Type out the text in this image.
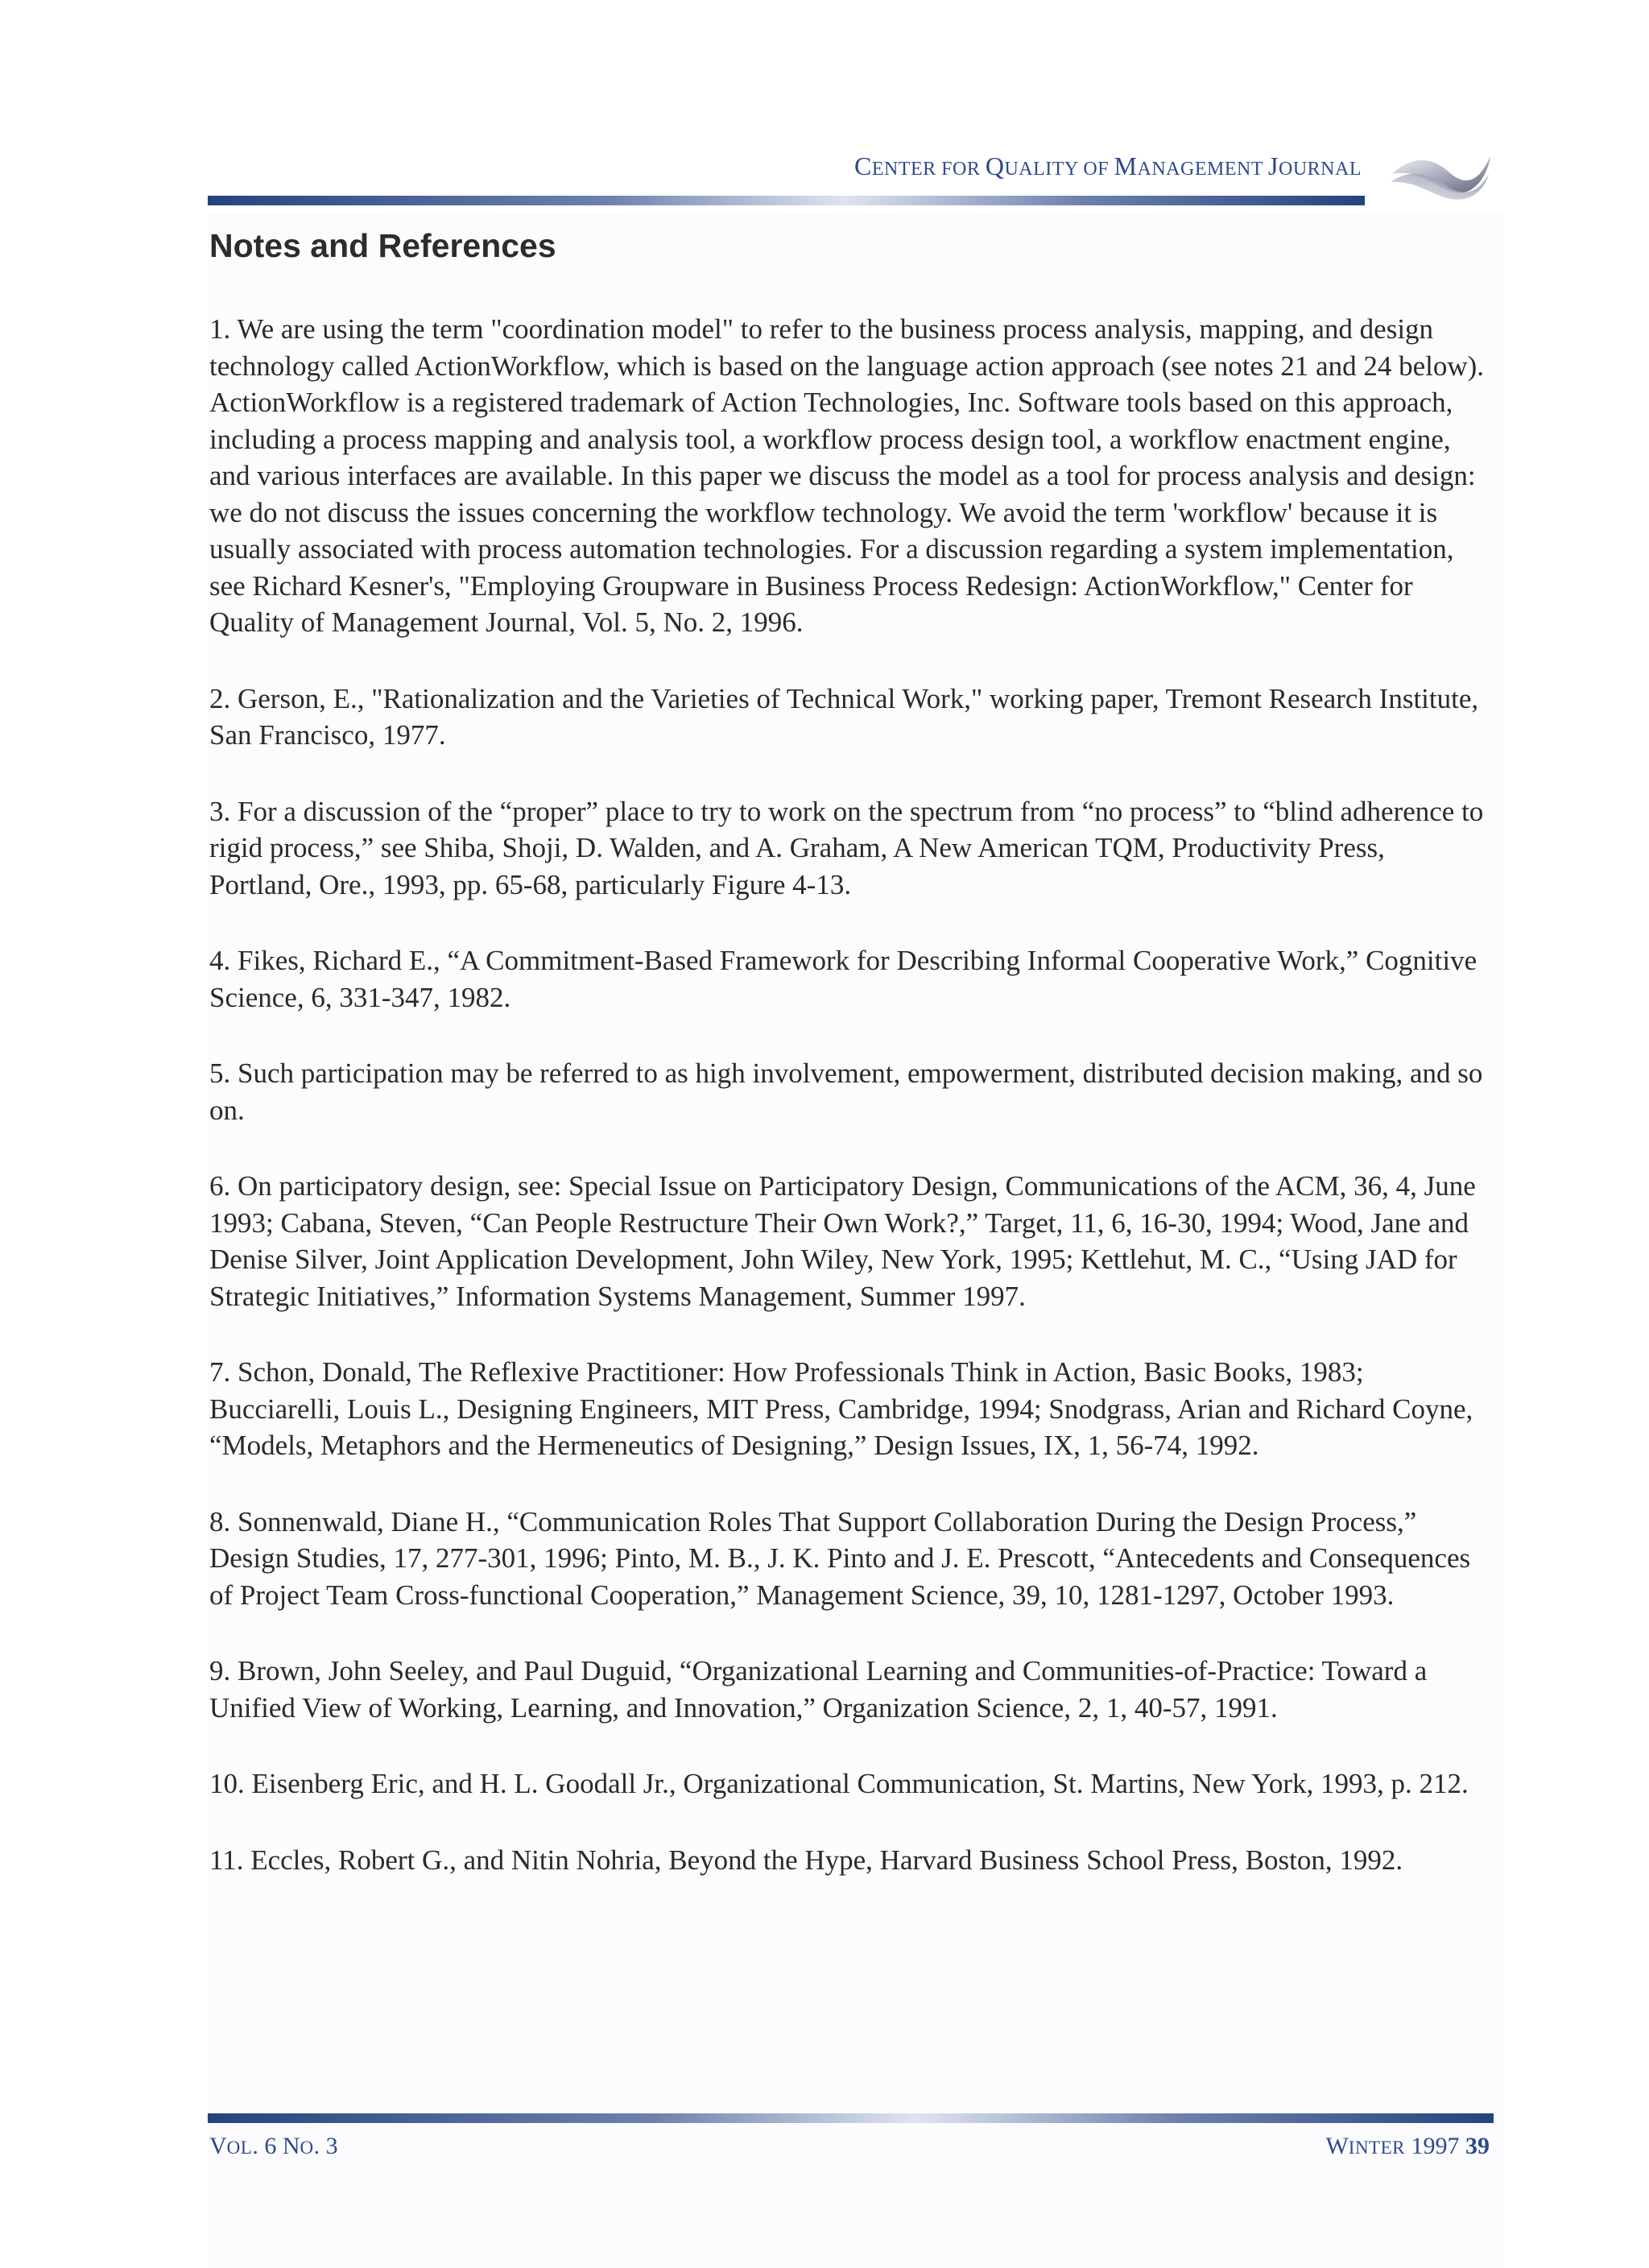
CENTER FOR QUALITY OF MANAGEMENT JOURNAL
Notes and References
1. We are using the term "coordination model" to refer to the business process analysis, mapping, and design technology called ActionWorkflow, which is based on the language action approach (see notes 21 and 24 below). ActionWorkflow is a registered trademark of Action Technologies, Inc. Software tools based on this approach, including a process mapping and analysis tool, a workflow process design tool, a workflow enactment engine, and various interfaces are available. In this paper we discuss the model as a tool for process analysis and design: we do not discuss the issues concerning the workflow technology. We avoid the term 'workflow' because it is usually associated with process automation technologies. For a discussion regarding a system implementation, see Richard Kesner's, "Employing Groupware in Business Process Redesign: ActionWorkflow," Center for Quality of Management Journal, Vol. 5, No. 2, 1996.
2. Gerson, E., "Rationalization and the Varieties of Technical Work," working paper, Tremont Research Institute, San Francisco, 1977.
3. For a discussion of the “proper” place to try to work on the spectrum from “no process” to “blind adherence to rigid process,” see Shiba, Shoji, D. Walden, and A. Graham, A New American TQM, Productivity Press, Portland, Ore., 1993, pp. 65-68, particularly Figure 4-13.
4. Fikes, Richard E., “A Commitment-Based Framework for Describing Informal Cooperative Work,” Cognitive Science, 6, 331-347, 1982.
5. Such participation may be referred to as high involvement, empowerment, distributed decision making, and so on.
6. On participatory design, see: Special Issue on Participatory Design, Communications of the ACM, 36, 4, June 1993; Cabana, Steven, “Can People Restructure Their Own Work?,” Target, 11, 6, 16-30, 1994; Wood, Jane and Denise Silver, Joint Application Development, John Wiley, New York, 1995; Kettlehut, M. C., “Using JAD for Strategic Initiatives,” Information Systems Management, Summer 1997.
7. Schon, Donald, The Reflexive Practitioner: How Professionals Think in Action, Basic Books, 1983; Bucciarelli, Louis L., Designing Engineers, MIT Press, Cambridge, 1994; Snodgrass, Arian and Richard Coyne, “Models, Metaphors and the Hermeneutics of Designing,” Design Issues, IX, 1, 56-74, 1992.
8. Sonnenwald, Diane H., “Communication Roles That Support Collaboration During the Design Process,” Design Studies, 17, 277-301, 1996; Pinto, M. B., J. K. Pinto and J. E. Prescott, “Antecedents and Consequences of Project Team Cross-functional Cooperation,” Management Science, 39, 10, 1281-1297, October 1993.
9. Brown, John Seeley, and Paul Duguid, “Organizational Learning and Communities-of-Practice: Toward a Unified View of Working, Learning, and Innovation,” Organization Science, 2, 1, 40-57, 1991.
10. Eisenberg Eric, and H. L. Goodall Jr., Organizational Communication, St. Martins, New York, 1993, p. 212.
11. Eccles, Robert G., and Nitin Nohria, Beyond the Hype, Harvard Business School Press, Boston, 1992.
VOL. 6 NO. 3	WINTER 1997 39
